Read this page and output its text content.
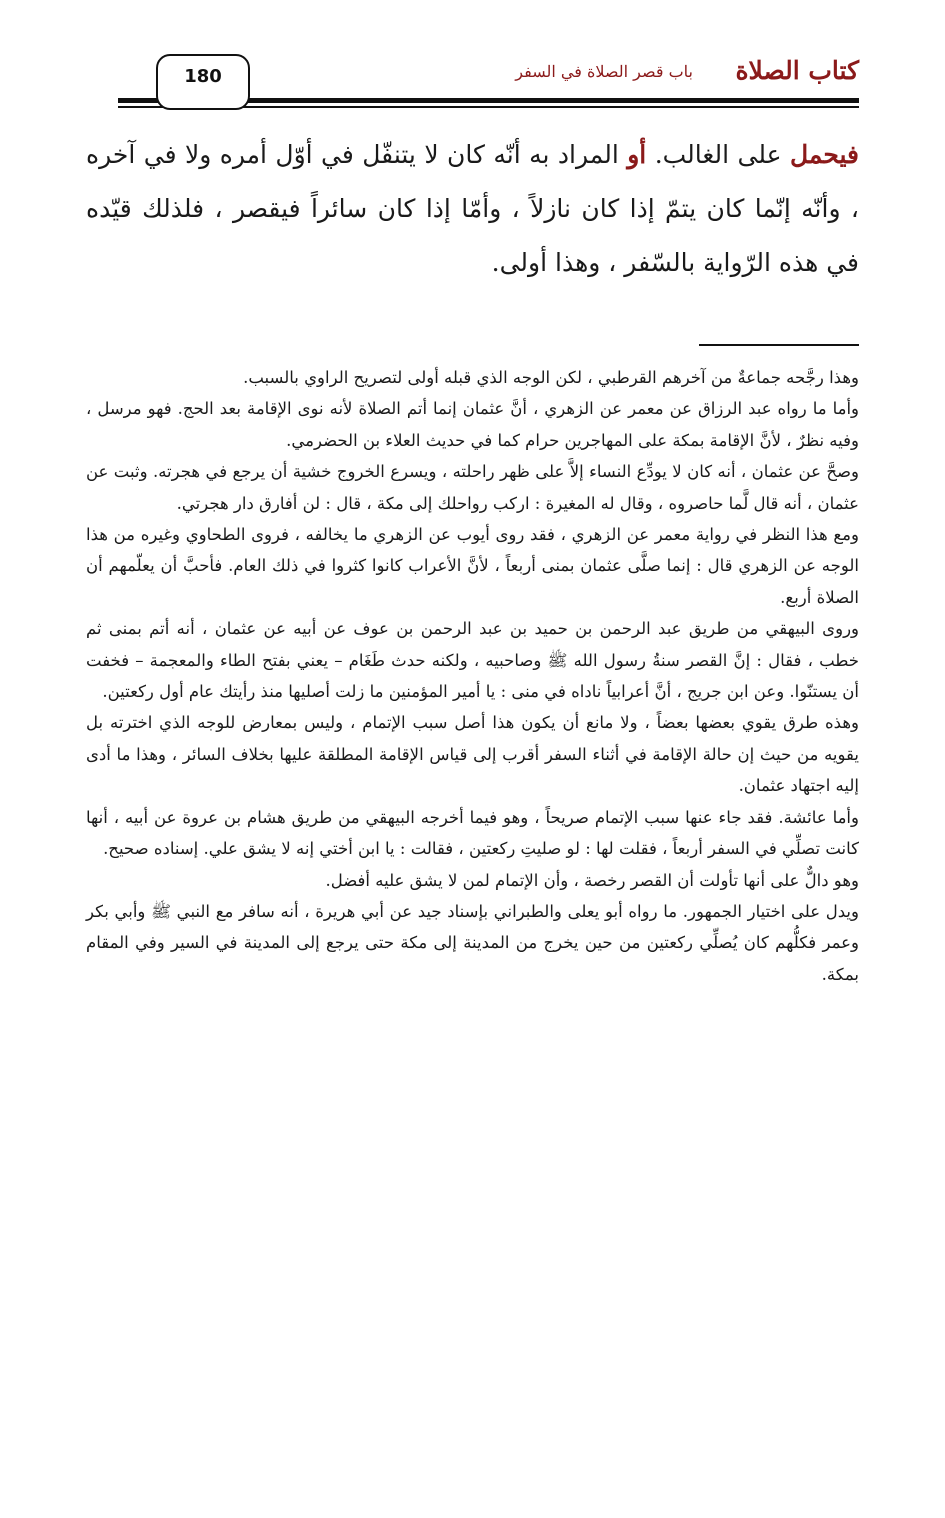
كتاب الصلاة
باب قصر الصلاة في السفر
180

فيحمل على الغالب. أو المراد به أنّه كان لا يتنفّل في أوّل أمره ولا في آخره ، وأنّه إنّما كان يتمّ إذا كان نازلاً ، وأمّا إذا كان سائراً فيقصر ، فلذلك قيّده في هذه الرّواية بالسّفر ، وهذا أولى.

وهذا رجَّحه جماعةٌ من آخرهم القرطبي ، لكن الوجه الذي قبله أولى لتصريح الراوي بالسبب.

وأما ما رواه عبد الرزاق عن معمر عن الزهري ، أنَّ عثمان إنما أتم الصلاة لأنه نوى الإقامة بعد الحج. فهو مرسل ، وفيه نظرٌ ، لأنَّ الإقامة بمكة على المهاجرين حرام كما في حديث العلاء بن الحضرمي.

وصحَّ عن عثمان ، أنه كان لا يودِّع النساء إلاَّ على ظهر راحلته ، ويسرع الخروج خشية أن يرجع في هجرته. وثبت عن عثمان ، أنه قال لَّما حاصروه ، وقال له المغيرة : اركب رواحلك إلى مكة ، قال : لن أفارق دار هجرتي.

ومع هذا النظر في رواية معمر عن الزهري ، فقد روى أيوب عن الزهري ما يخالفه ، فروى الطحاوي وغيره من هذا الوجه عن الزهري قال : إنما صلَّى عثمان بمنى أربعاً ، لأنَّ الأعراب كانوا كثروا في ذلك العام. فأحبَّ أن يعلّمهم أن الصلاة أربع.

وروى البيهقي من طريق عبد الرحمن بن حميد بن عبد الرحمن بن عوف عن أبيه عن عثمان ، أنه أتم بمنى ثم خطب ، فقال : إنَّ القصر سنةُ رسول الله ﷺ وصاحبيه ، ولكنه حدث طَغَام – يعني بفتح الطاء والمعجمة – فخفت أن يستنّوا. وعن ابن جريج ، أنَّ أعرابياً ناداه في منى : يا أمير المؤمنين ما زلت أصليها منذ رأيتك عام أول ركعتين.

وهذه طرق يقوي بعضها بعضاً ، ولا مانع أن يكون هذا أصل سبب الإتمام ، وليس بمعارض للوجه الذي اخترته بل يقويه من حيث إن حالة الإقامة في أثناء السفر أقرب إلى قياس الإقامة المطلقة عليها بخلاف السائر ، وهذا ما أدى إليه اجتهاد عثمان.

وأما عائشة. فقد جاء عنها سبب الإتمام صريحاً ، وهو فيما أخرجه البيهقي من طريق هشام بن عروة عن أبيه ، أنها كانت تصلِّي في السفر أربعاً ، فقلت لها : لو صليتِ ركعتين ، فقالت : يا ابن أختي إنه لا يشق علي. إسناده صحيح.

وهو دالٌّ على أنها تأولت أن القصر رخصة ، وأن الإتمام لمن لا يشق عليه أفضل.

ويدل على اختيار الجمهور. ما رواه أبو يعلى والطبراني بإسناد جيد عن أبي هريرة ، أنه سافر مع النبي ﷺ وأبي بكر وعمر فكلُّهم كان يُصلِّي ركعتين من حين يخرج من المدينة إلى مكة حتى يرجع إلى المدينة في السير وفي المقام بمكة.
